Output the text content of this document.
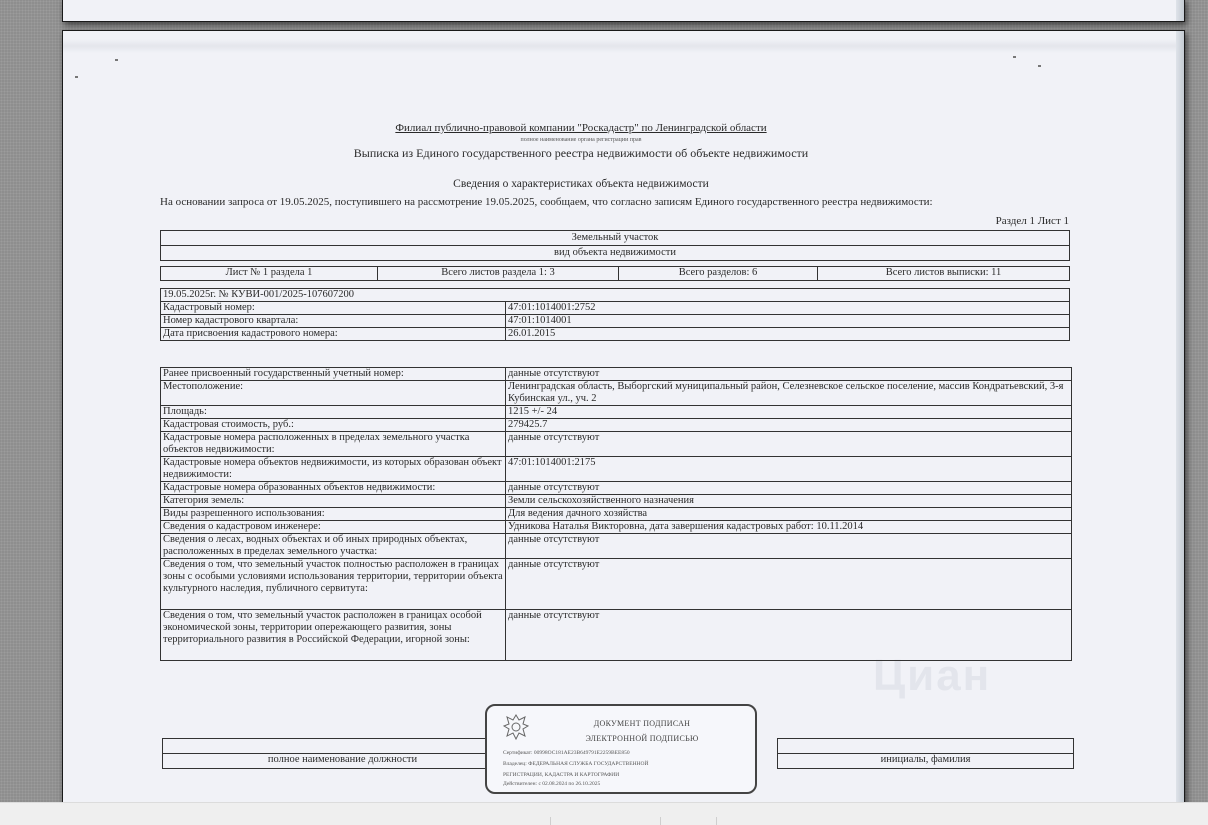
Циан
Филиал публично-правовой компании "Роскадастр" по Ленинградской области
полное наименование органа регистрации прав
Выписка из Единого государственного реестра недвижимости об объекте недвижимости
Сведения о характеристиках объекта недвижимости
На основании запроса от 19.05.2025, поступившего на рассмотрение 19.05.2025, сообщаем, что согласно записям Единого государственного реестра недвижимости:
Раздел 1 Лист 1
Земельный участок
вид объекта недвижимости
Лист № 1 раздела 1	Всего листов раздела 1: 3	Всего разделов: 6	Всего листов выписки: 11
19.05.2025г. № КУВИ-001/2025-107607200	
Кадастровый номер:	47:01:1014001:2752
Номер кадастрового квартала:	47:01:1014001
Дата присвоения кадастрового номера:	26.01.2015
Ранее присвоенный государственный учетный номер:	данные отсутствуют
Местоположение:	Ленинградская область, Выборгский муниципальный район, Селезневское сельское поселение, массив Кондратьевский, 3-я Кубинская ул., уч. 2
Площадь:	1215 +/- 24
Кадастровая стоимость, руб.:	279425.7
Кадастровые номера расположенных в пределах земельного участка объектов недвижимости:	данные отсутствуют
Кадастровые номера объектов недвижимости, из которых образован объект недвижимости:	47:01:1014001:2175
Кадастровые номера образованных объектов недвижимости:	данные отсутствуют
Категория земель:	Земли сельскохозяйственного назначения
Виды разрешенного использования:	Для ведения дачного хозяйства
Сведения о кадастровом инженере:	Удникова Наталья Викторовна, дата завершения кадастровых работ: 10.11.2014
Сведения о лесах, водных объектах и об иных природных объектах, расположенных в пределах земельного участка:	данные отсутствуют
Сведения о том, что земельный участок полностью расположен в границах зоны с особыми условиями использования территории, территории объекта культурного наследия, публичного сервитута:	данные отсутствуют
Сведения о том, что земельный участок расположен в границах особой экономической зоны, территории опережающего развития, зоны территориального развития в Российской Федерации, игорной зоны:	данные отсутствуют

полное наименование должности		инициалы, фамилия
ДОКУМЕНТ ПОДПИСАН
ЭЛЕКТРОННОЙ ПОДПИСЬЮ
Сертификат: 00998ОС181АЕ23В649791Е2259ВЕЕ850
Владелец: ФЕДЕРАЛЬНАЯ СЛУЖБА ГОСУДАРСТВЕННОЙ
РЕГИСТРАЦИИ, КАДАСТРА И КАРТОГРАФИИ
Действителен: с 02.08.2024 по 26.10.2025
